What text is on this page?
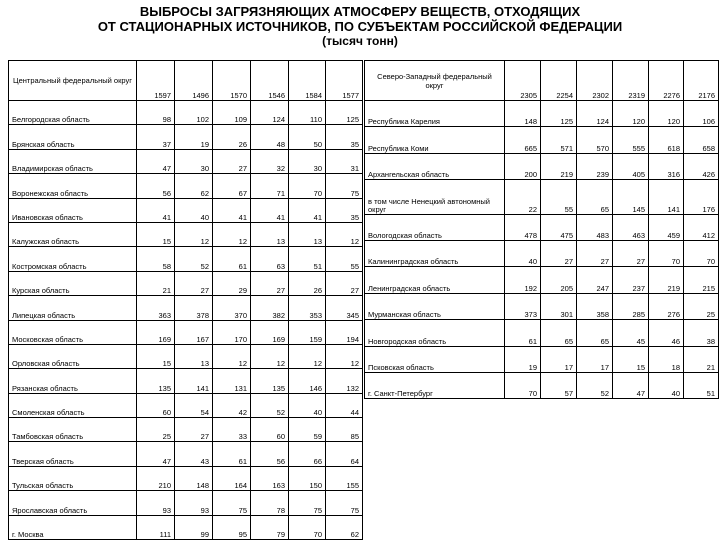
ВЫБРОСЫ ЗАГРЯЗНЯЮЩИХ АТМОСФЕРУ ВЕЩЕСТВ, ОТХОДЯЩИХ
ОТ СТАЦИОНАРНЫХ ИСТОЧНИКОВ, ПО СУБЪЕКТАМ РОССИЙСКОЙ ФЕДЕРАЦИИ
(тысяч тонн)
Центральный федеральный округ	1597	1496	1570	1546	1584	1577
Белгородская область	98	102	109	124	110	125
Брянская область	37	19	26	48	50	35
Владимирская область	47	30	27	32	30	31
Воронежская область	56	62	67	71	70	75
Ивановская область	41	40	41	41	41	35
Калужская область	15	12	12	13	13	12
Костромская область	58	52	61	63	51	55
Курская область	21	27	29	27	26	27
Липецкая область	363	378	370	382	353	345
Московская область	169	167	170	169	159	194
Орловская область	15	13	12	12	12	12
Рязанская область	135	141	131	135	146	132
Смоленская область	60	54	42	52	40	44
Тамбовская область	25	27	33	60	59	85
Тверская область	47	43	61	56	66	64
Тульская область	210	148	164	163	150	155
Ярославская область	93	93	75	78	75	75
г. Москва	111	99	95	79	70	62
Северо-Западный федеральный округ	2305	2254	2302	2319	2276	2176
Республика Карелия	148	125	124	120	120	106
Республика Коми	665	571	570	555	618	658
Архангельская область	200	219	239	405	316	426
в том числе Ненецкий автономный округ	22	55	65	145	141	176
Вологодская область	478	475	483	463	459	412
Калининградская область	40	27	27	27	70	70
Ленинградская область	192	205	247	237	219	215
Мурманская область	373	301	358	285	276	25
Новгородская область	61	65	65	45	46	38
Псковская область	19	17	17	15	18	21
г. Санкт-Петербург	70	57	52	47	40	51
